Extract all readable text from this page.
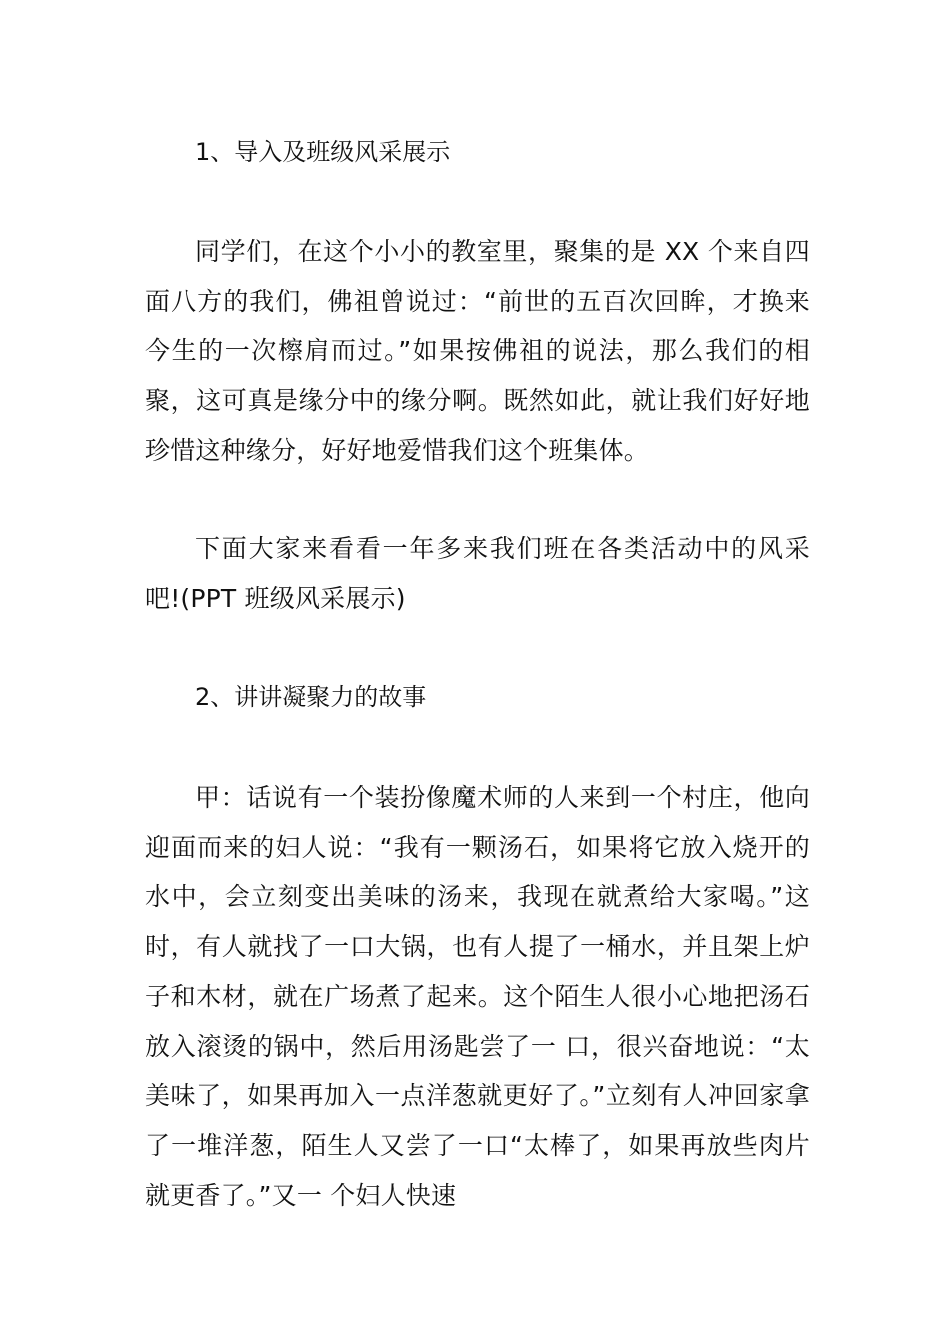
1、导入及班级风采展示
同学们，在这个小小的教室里，聚集的是 XX 个来自四面八方的我们，佛祖曾说过：“前世的五百次回眸，才换来今生的一次檫肩而过。”如果按佛祖的说法，那么我们的相聚，这可真是缘分中的缘分啊。既然如此，就让我们好好地珍惜这种缘分，好好地爱惜我们这个班集体。
下面大家来看看一年多来我们班在各类活动中的风采吧!(PPT 班级风采展示)
2、讲讲凝聚力的故事
甲：话说有一个装扮像魔术师的人来到一个村庄，他向迎面而来的妇人说：“我有一颗汤石，如果将它放入烧开的水中，会立刻变出美味的汤来，我现在就煮给大家喝。”这时，有人就找了一口大锅，也有人提了一桶水，并且架上炉子和木材，就在广场煮了起来。这个陌生人很小心地把汤石放入滚烫的锅中，然后用汤匙尝了一 口，很兴奋地说：“太美味了，如果再加入一点洋葱就更好了。”立刻有人冲回家拿了一堆洋葱，陌生人又尝了一口“太棒了，如果再放些肉片就更香了。”又一 个妇人快速
